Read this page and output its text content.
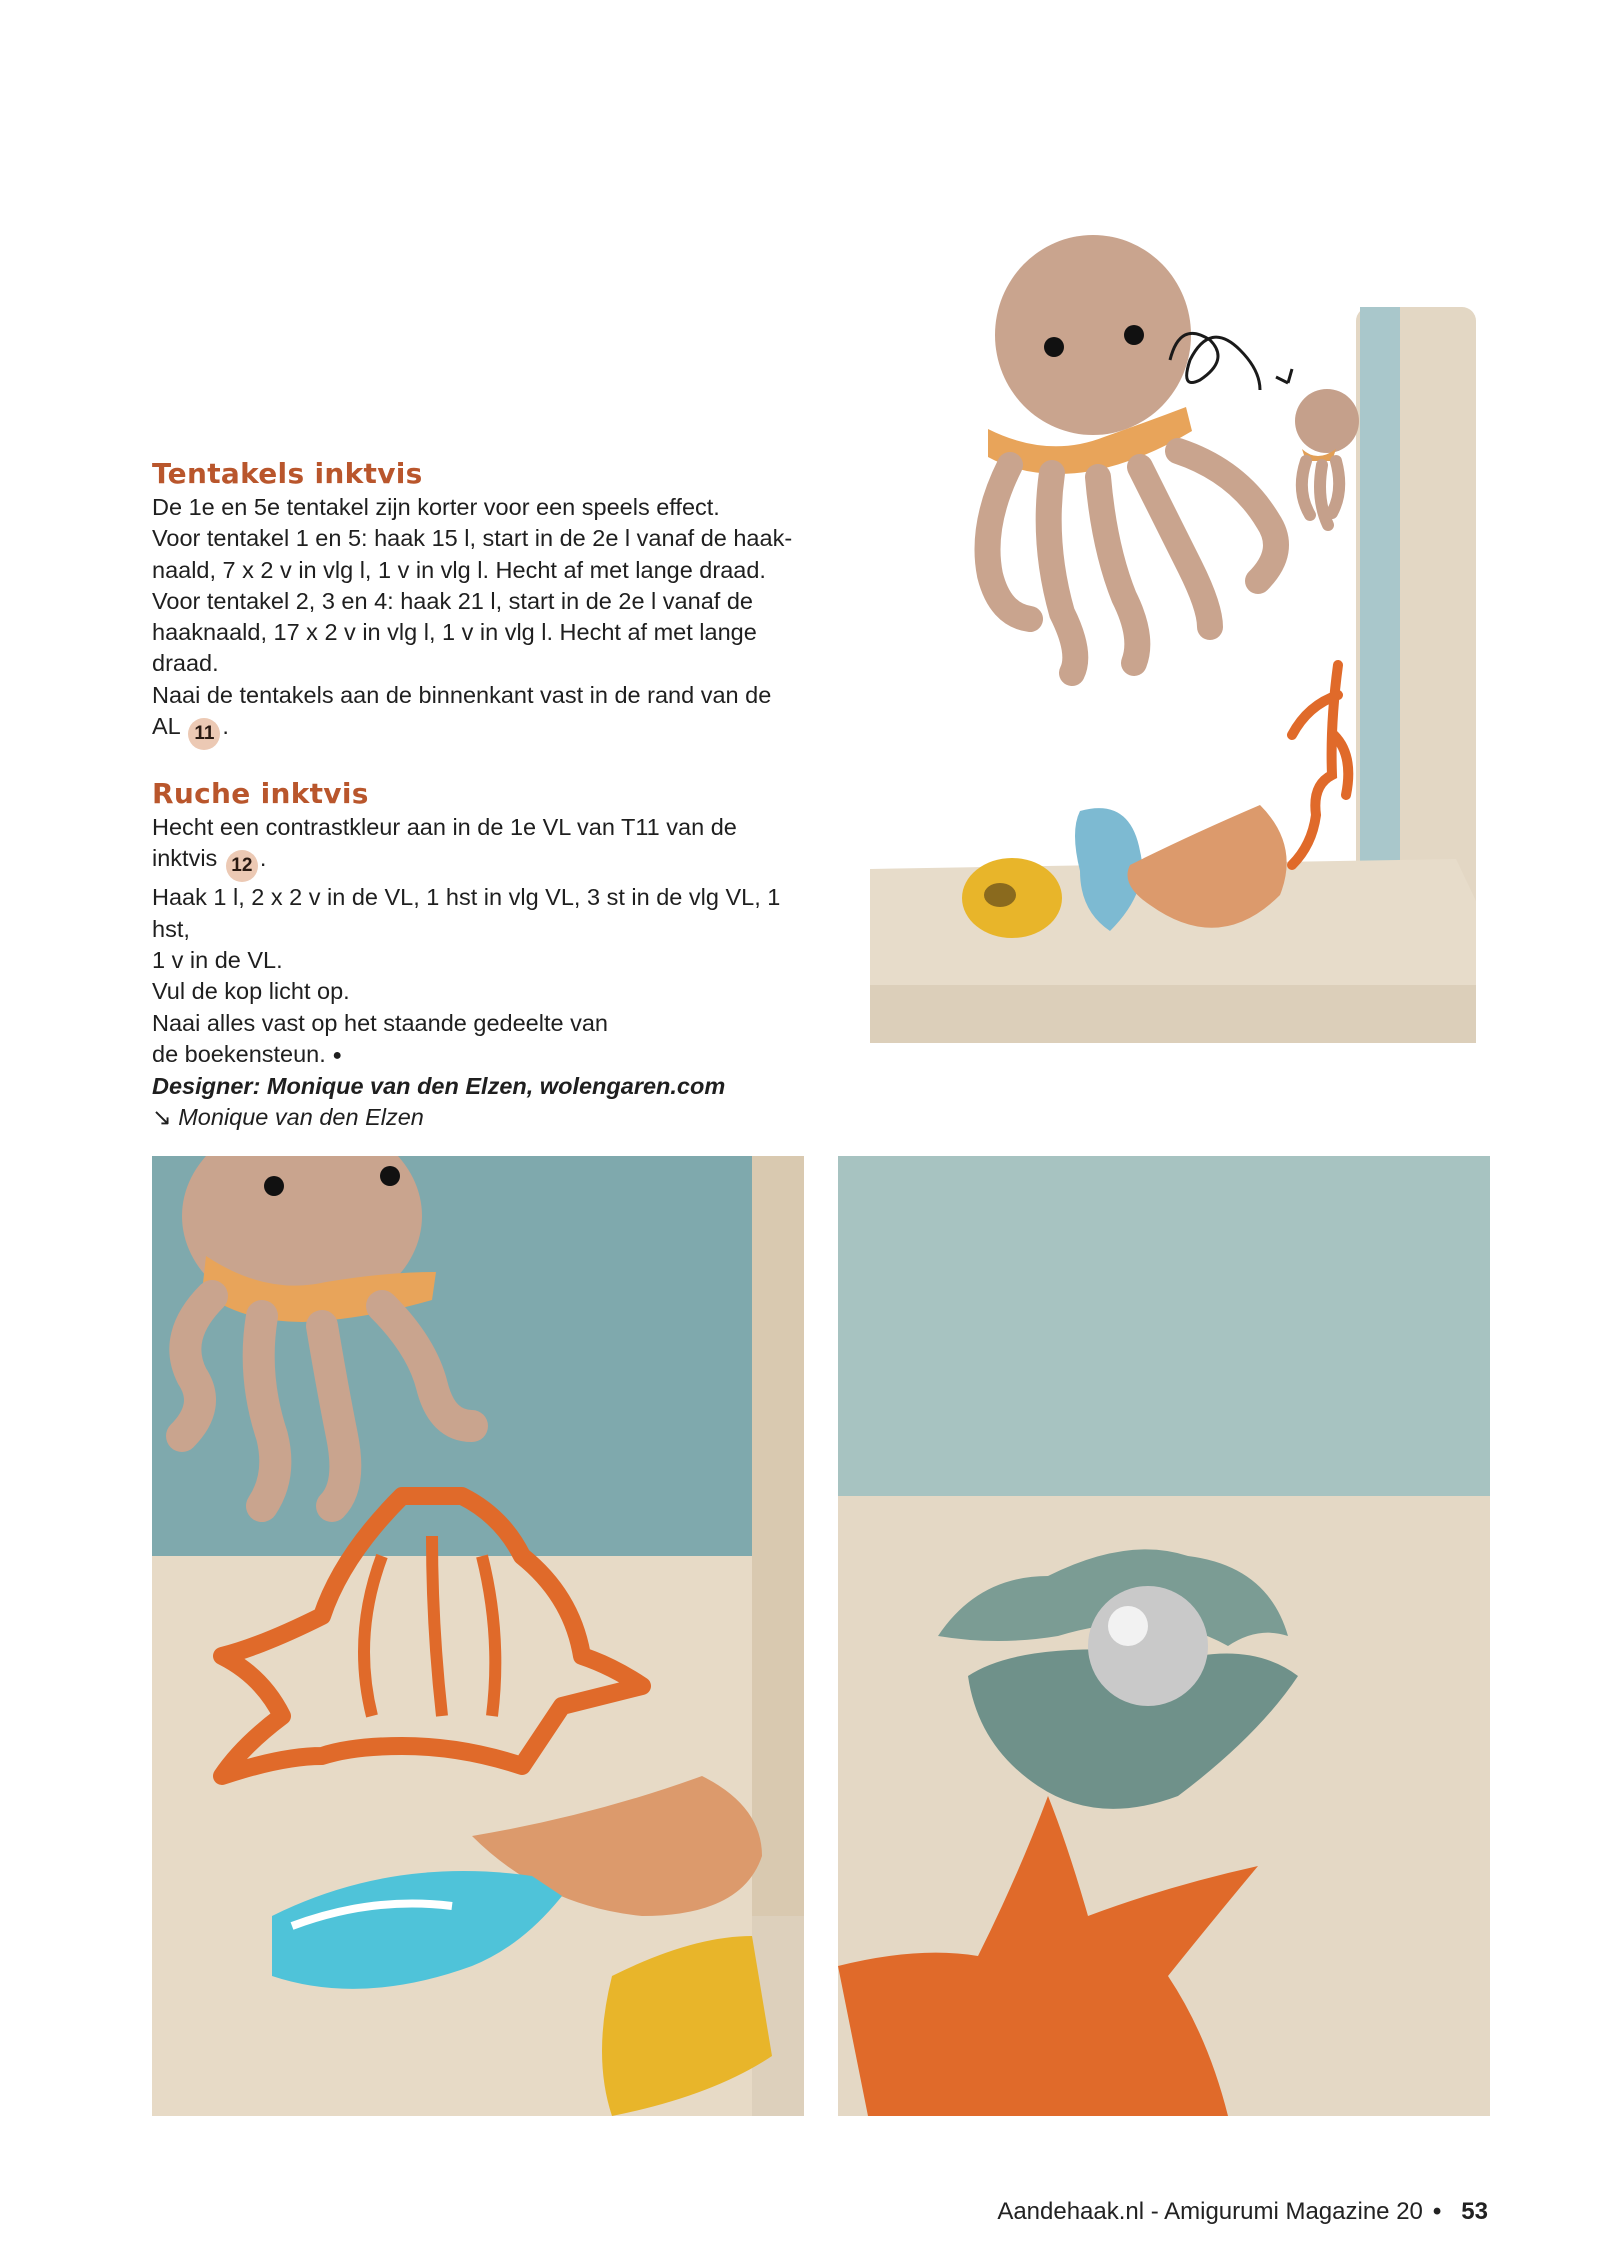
Tentakels inktvis

De 1e en 5e tentakel zijn korter voor een speels effect.

Voor tentakel 1 en 5: haak 15 l, start in de 2e l vanaf de haak-

naald, 7 x 2 v in vlg l, 1 v in vlg l. Hecht af met lange draad.

Voor tentakel 2, 3 en 4: haak 21 l, start in de 2e l vanaf de

haaknaald, 17 x 2 v in vlg l, 1 v in vlg l. Hecht af met lange

draad.

Naai de tentakels aan de binnenkant vast in de rand van de

AL 11 .

Ruche inktvis

Hecht een contrastkleur aan in de 1e VL van T11 van de

inktvis 12 .

Haak 1 l, 2 x 2 v in de VL, 1 hst in vlg VL, 3 st in de vlg VL, 1 hst,

1 v in de VL.

Vul de kop licht op.

Naai alles vast op het staande gedeelte van

de boekensteun. ●

Designer: Monique van den Elzen, wolengaren.com

↘ Monique van den Elzen

Aandehaak.nl - Amigurumi Magazine 20 • 53
